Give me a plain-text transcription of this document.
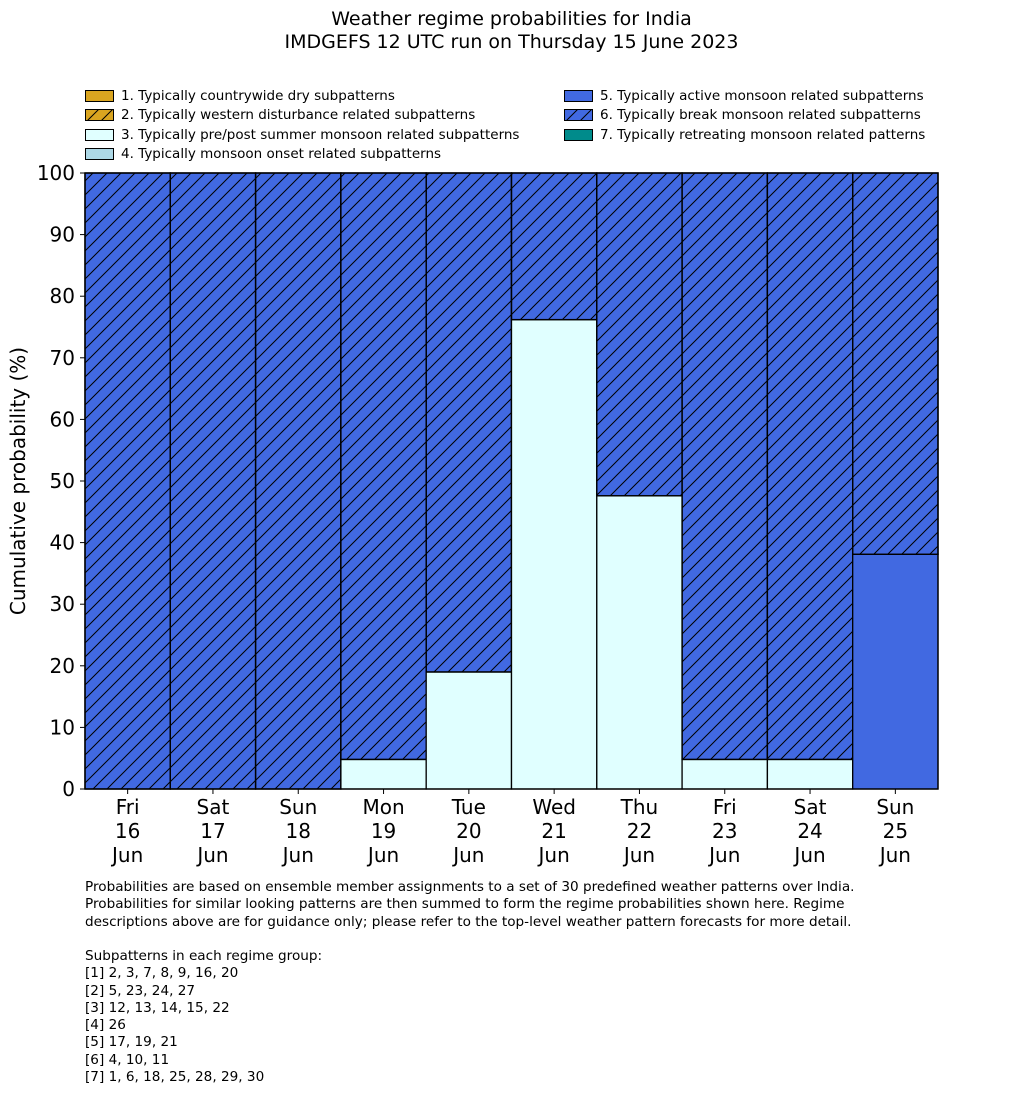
Weather regime probabilities for India
IMDGEFS 12 UTC run on Thursday 15 June 2023
1. Typically countrywide dry subpatterns
2. Typically western disturbance related subpatterns
3. Typically pre/post summer monsoon related subpatterns
4. Typically monsoon onset related subpatterns
5. Typically active monsoon related subpatterns
6. Typically break monsoon related subpatterns
7. Typically retreating monsoon related patterns
0
10
20
30
40
50
60
70
80
90
100
Fri
16
Jun
Sat
17
Jun
Sun
18
Jun
Mon
19
Jun
Tue
20
Jun
Wed
21
Jun
Thu
22
Jun
Fri
23
Jun
Sat
24
Jun
Sun
25
Jun
Cumulative probability (%)
Probabilities are based on ensemble member assignments to a set of 30 predefined weather patterns over India.
Probabilities for similar looking patterns are then summed to form the regime probabilities shown here. Regime
descriptions above are for guidance only; please refer to the top-level weather pattern forecasts for more detail.
Subpatterns in each regime group:
[1] 2, 3, 7, 8, 9, 16, 20
[2] 5, 23, 24, 27
[3] 12, 13, 14, 15, 22
[4] 26
[5] 17, 19, 21
[6] 4, 10, 11
[7] 1, 6, 18, 25, 28, 29, 30
